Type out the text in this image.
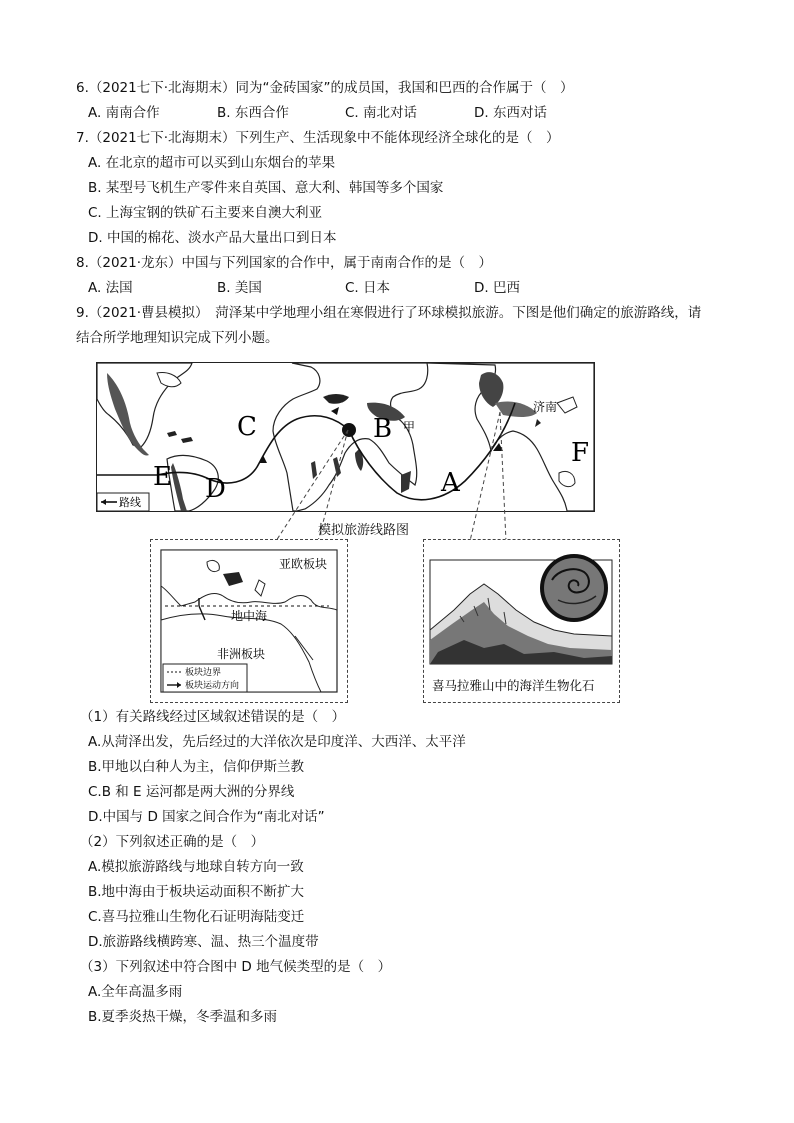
6.（2021七下·北海期末）同为“金砖国家”的成员国，我国和巴西的合作属于（　）
A. 南南合作	B. 东西合作	C. 南北对话	D. 东西对话
7.（2021七下·北海期末）下列生产、生活现象中不能体现经济全球化的是（　）
A. 在北京的超市可以买到山东烟台的苹果
B. 某型号飞机生产零件来自英国、意大利、韩国等多个国家
C. 上海宝钢的铁矿石主要来自澳大利亚
D. 中国的棉花、淡水产品大量出口到日本
8.（2021·龙东）中国与下列国家的合作中，属于南南合作的是（　）
A. 法国	B. 美国	C. 日本	D. 巴西
9.（2021·曹县模拟）　菏泽某中学地理小组在寒假进行了环球模拟旅游。下图是他们确定的旅游路线，请
结合所学地理知识完成下列小题。
C	B 甲
A
济南
F
E D
路线
模拟旅游线路图
亚欧板块
地中海
非洲板块
板块边界
板块运动方向	喜马拉雅山中的海洋生物化石
（1）有关路线经过区域叙述错误的是（　）
A.从菏泽出发，先后经过的大洋依次是印度洋、大西洋、太平洋
B.甲地以白种人为主，信仰伊斯兰教
C.B 和 E 运河都是两大洲的分界线
D.中国与 D 国家之间合作为“南北对话”
（2）下列叙述正确的是（　）
A.模拟旅游路线与地球自转方向一致
B.地中海由于板块运动面积不断扩大
C.喜马拉雅山生物化石证明海陆变迁
D.旅游路线横跨寒、温、热三个温度带
（3）下列叙述中符合图中 D 地气候类型的是（　）
A.全年高温多雨
B.夏季炎热干燥，冬季温和多雨
